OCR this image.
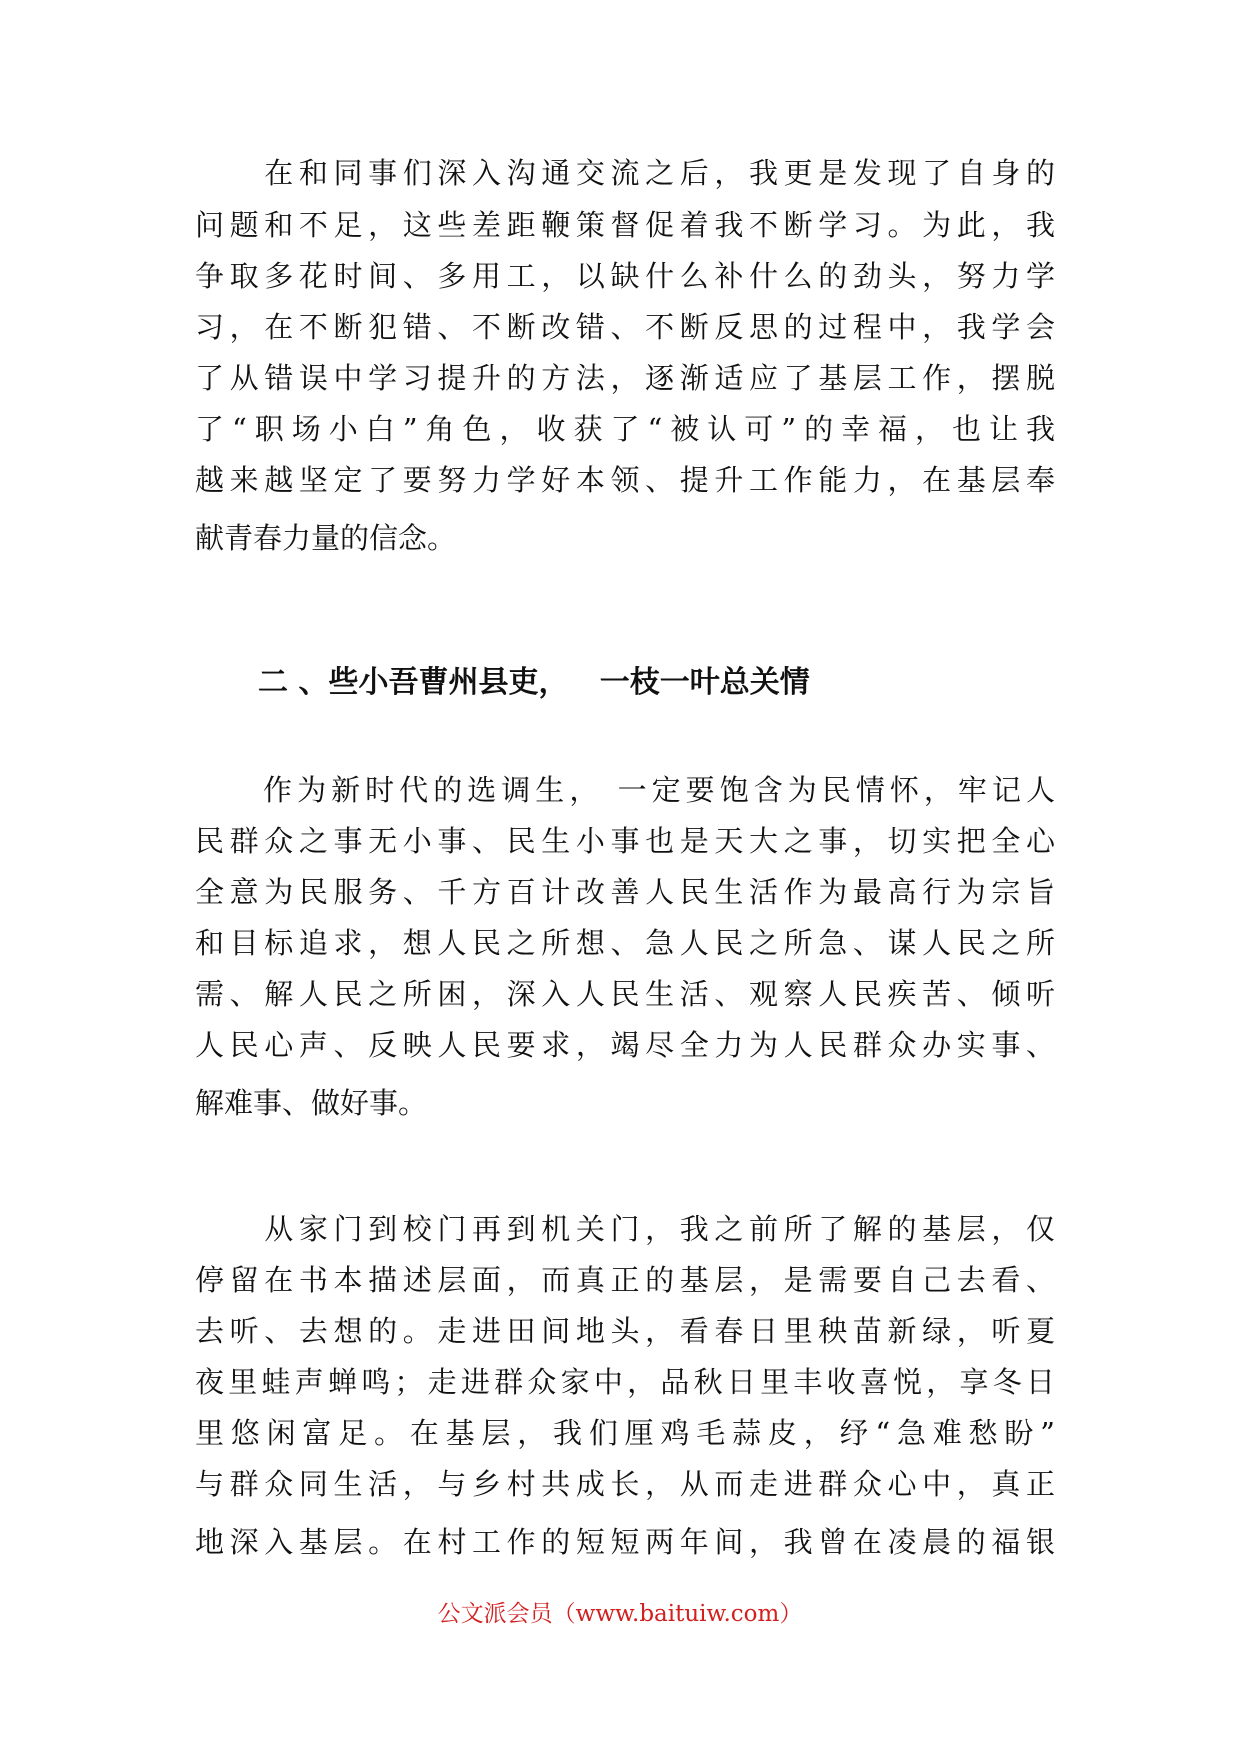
　　在和同事们深入沟通交流之后，我更是发现了自身的
问题和不足，这些差距鞭策督促着我不断学习。为此，我
争取多花时间、多用工，以缺什么补什么的劲头，努力学
习，在不断犯错、不断改错、不断反思的过程中，我学会
了从错误中学习提升的方法，逐渐适应了基层工作，摆脱
了“职场小白”角色，收获了“被认可”的幸福，也让我
越来越坚定了要努力学好本领、提升工作能力，在基层奉
献青春力量的信念。
二 、些小吾曹州县吏，   一枝一叶总关情
　　作为新时代的选调生， 一定要饱含为民情怀，牢记人
民群众之事无小事、民生小事也是天大之事，切实把全心
全意为民服务、千方百计改善人民生活作为最高行为宗旨
和目标追求，想人民之所想、急人民之所急、谋人民之所
需、解人民之所困，深入人民生活、观察人民疾苦、倾听
人民心声、反映人民要求，竭尽全力为人民群众办实事、
解难事、做好事。
　　从家门到校门再到机关门，我之前所了解的基层，仅
停留在书本描述层面，而真正的基层，是需要自己去看、
去听、去想的。走进田间地头，看春日里秧苗新绿，听夏
夜里蛙声蝉鸣；走进群众家中，品秋日里丰收喜悦，享冬日
里悠闲富足。在基层，我们厘鸡毛蒜皮，纾“急难愁盼”
与群众同生活，与乡村共成长，从而走进群众心中，真正
地深入基层。在村工作的短短两年间，我曾在凌晨的福银
公文派会员（www.baituiw.com）
